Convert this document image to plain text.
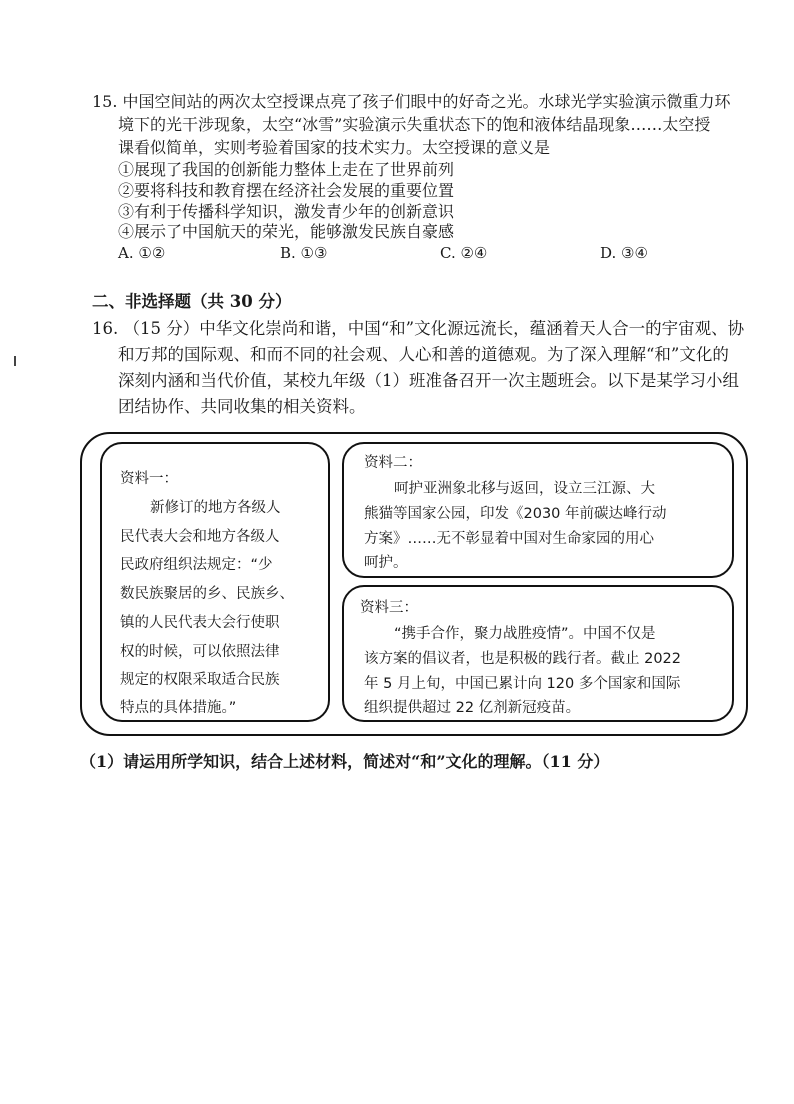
15. 中国空间站的两次太空授课点亮了孩子们眼中的好奇之光。水球光学实验演示微重力环
境下的光干涉现象，太空“冰雪”实验演示失重状态下的饱和液体结晶现象……太空授
课看似简单，实则考验着国家的技术实力。太空授课的意义是
①展现了我国的创新能力整体上走在了世界前列
②要将科技和教育摆在经济社会发展的重要位置
③有利于传播科学知识，激发青少年的创新意识
④展示了中国航天的荣光，能够激发民族自豪感
A. ①②	B. ①③	C. ②④	D. ③④
二、非选择题（共 30 分）
16. （15 分）中华文化崇尚和谐，中国“和”文化源远流长，蕴涵着天人合一的宇宙观、协
和万邦的国际观、和而不同的社会观、人心和善的道德观。为了深入理解“和”文化的
深刻内涵和当代价值，某校九年级（1）班准备召开一次主题班会。以下是某学习小组
团结协作、共同收集的相关资料。
资料一：
新修订的地方各级人
民代表大会和地方各级人
民政府组织法规定：“少
数民族聚居的乡、民族乡、
镇的人民代表大会行使职
权的时候，可以依照法律
规定的权限采取适合民族
特点的具体措施。”
资料二：
呵护亚洲象北移与返回，设立三江源、大
熊猫等国家公园，印发《2030 年前碳达峰行动
方案》……无不彰显着中国对生命家园的用心
呵护。
资料三：
“携手合作，聚力战胜疫情”。中国不仅是
该方案的倡议者，也是积极的践行者。截止 2022
年 5 月上旬，中国已累计向 120 多个国家和国际
组织提供超过 22 亿剂新冠疫苗。
（1）请运用所学知识，结合上述材料，简述对“和”文化的理解。（11 分）
